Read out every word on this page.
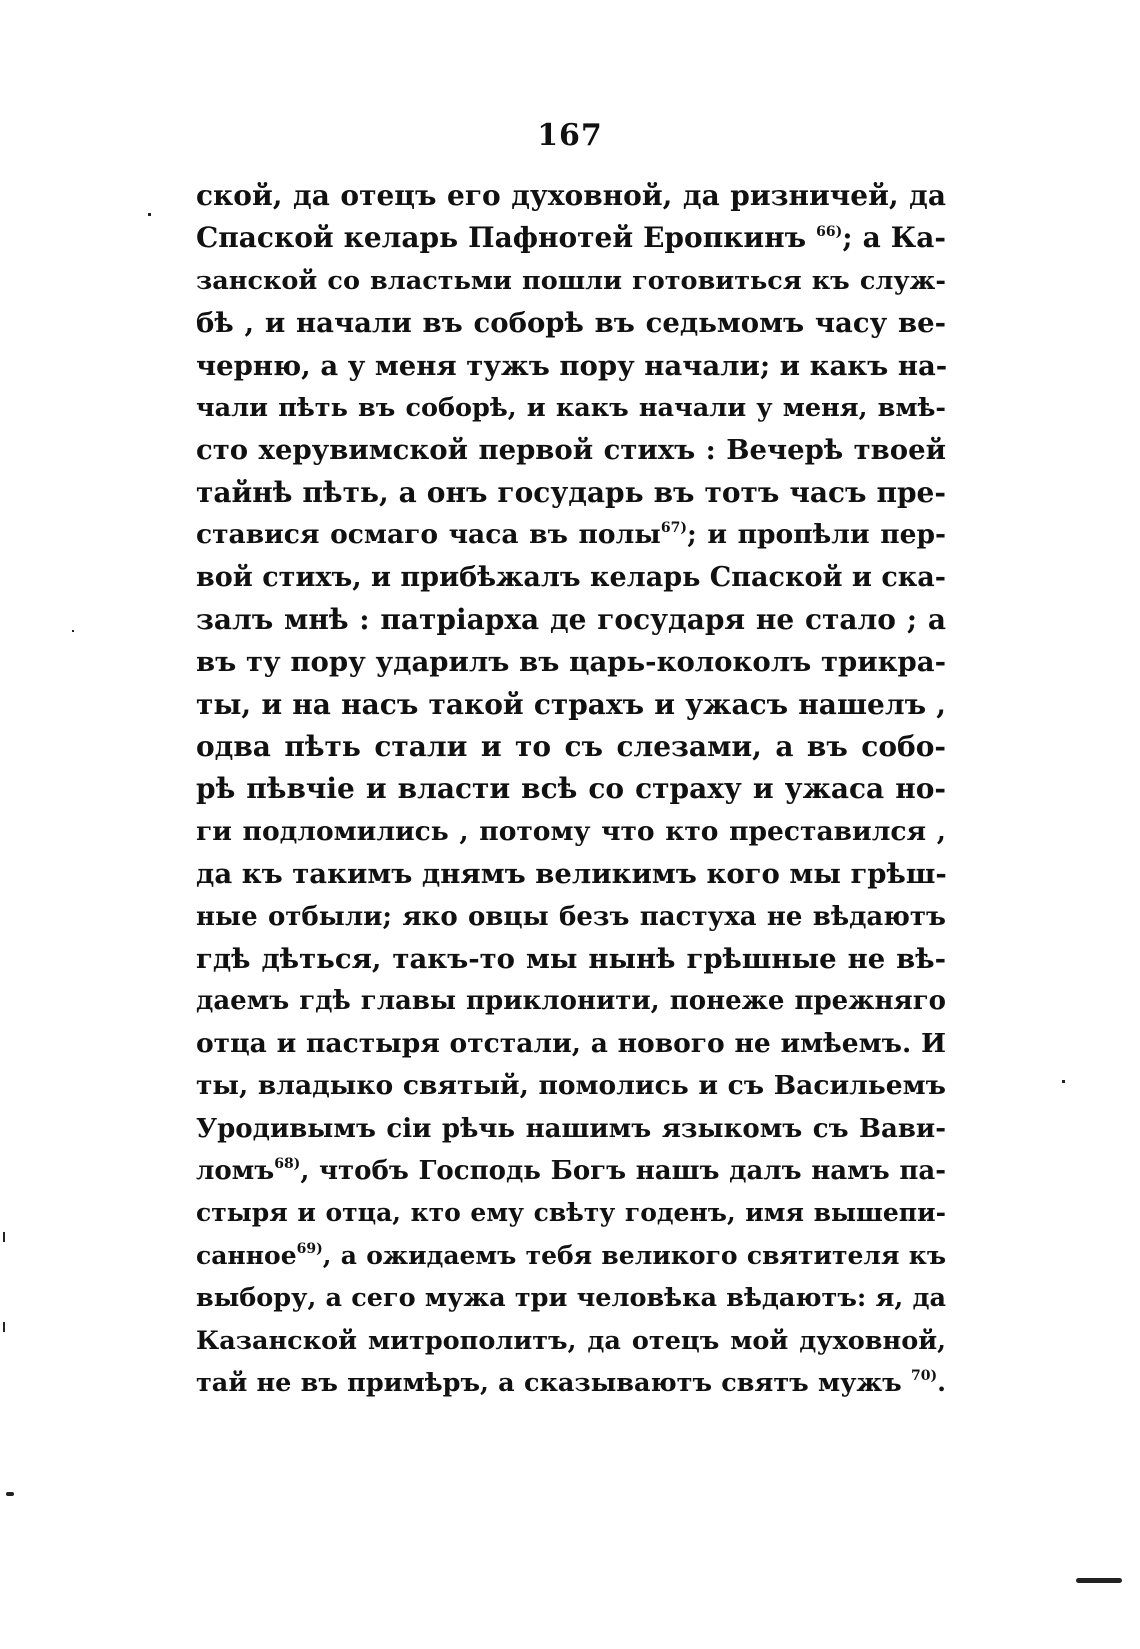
167
ской, да отецъ его духовной, да ризничей, да
Спаской келарь Пафнотей Еропкинъ $^{66)}$; а Ка-
занской со властьми пошли готовиться къ служ-
бѣ , и начали въ соборѣ въ седьмомъ часу ве-
черню, а у меня тужъ пору начали; и какъ на-
чали пѣть въ соборѣ, и какъ начали у меня, вмѣ-
сто херувимской первой стихъ : Вечерѣ твоей
тайнѣ пѣть, а онъ государь въ тотъ часъ пре-
ставися осмаго часа въ полы$^{67)}$; и пропѣли пер-
вой стихъ, и прибѣжалъ келарь Спаской и ска-
залъ мнѣ : патріарха де государя не стало ; а
въ ту пору ударилъ въ царь-колоколъ трикра-
ты, и на насъ такой страхъ и ужасъ нашелъ ,
одва пѣть стали и то съ слезами, а въ собо-
рѣ пѣвчіе и власти всѣ со страху и ужаса но-
ги подломились , потому что кто преставился ,
да къ такимъ днямъ великимъ кого мы грѣш-
ные отбыли; яко овцы безъ пастуха не вѣдаютъ
гдѣ дѣться, такъ-то мы нынѣ грѣшные не вѣ-
даемъ гдѣ главы приклонити, понеже прежняго
отца и пастыря отстали, а нового не имѣемъ. И
ты, владыко святый, помолись и съ Васильемъ
Уродивымъ сіи рѣчь нашимъ языкомъ съ Вави-
ломъ$^{68)}$, чтобъ Господь Богъ нашъ далъ намъ па-
стыря и отца, кто ему свѣту годенъ, имя вышепи-
санное$^{69)}$, а ожидаемъ тебя великого святителя къ
выбору, а сего мужа три человѣка вѣдаютъ: я, да
Казанской митрополитъ, да отецъ мой духовной,
тай не въ примѣръ, а сказываютъ святъ мужъ $^{70)}$.
